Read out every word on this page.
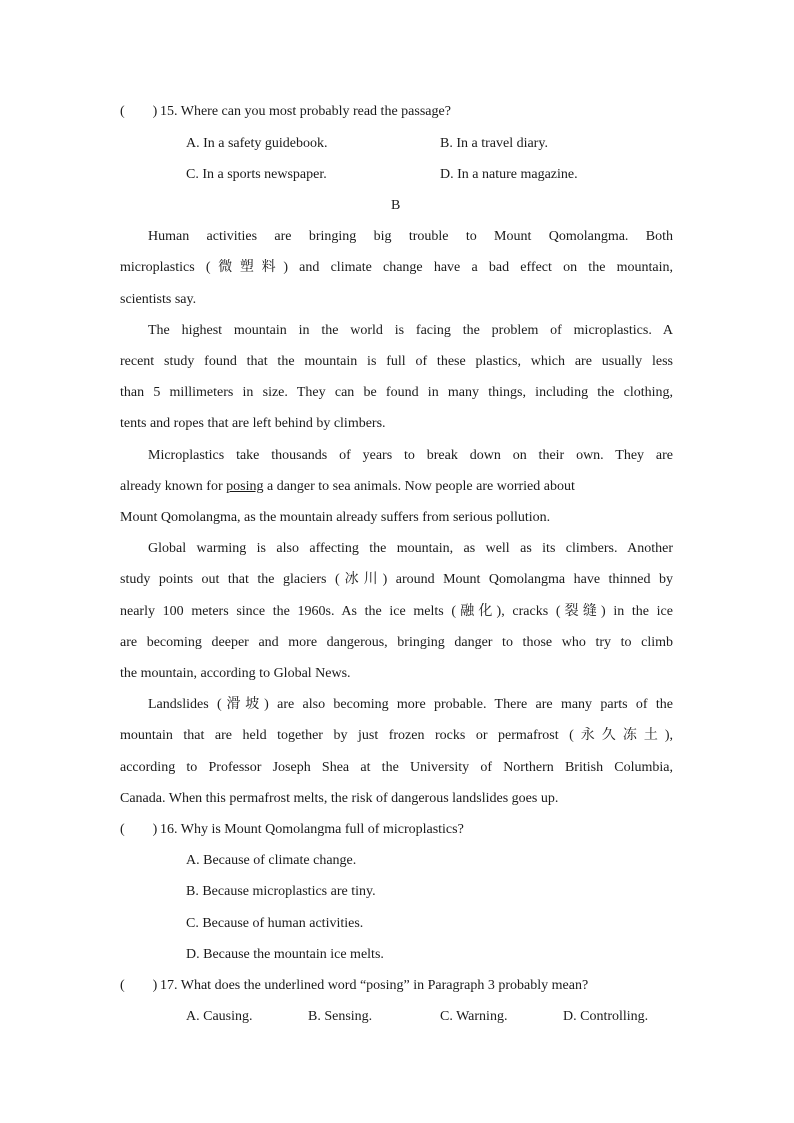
( ) 15. Where can you most probably read the passage?
A. In a safety guidebook.	B. In a travel diary.
C. In a sports newspaper.	D. In a nature magazine.
B
Human activities are bringing big trouble to Mount Qomolangma. Both
microplastics (微塑料) and climate change have a bad effect on the mountain,
scientists say.
The highest mountain in the world is facing the problem of microplastics. A
recent study found that the mountain is full of these plastics, which are usually less
than 5 millimeters in size. They can be found in many things, including the clothing,
tents and ropes that are left behind by climbers.
Microplastics take thousands of years to break down on their own. They are
already known for posing a danger to sea animals. Now people are worried about
Mount Qomolangma, as the mountain already suffers from serious pollution.
Global warming is also affecting the mountain, as well as its climbers. Another
study points out that the glaciers (冰川) around Mount Qomolangma have thinned by
nearly 100 meters since the 1960s. As the ice melts (融化), cracks (裂缝) in the ice
are becoming deeper and more dangerous, bringing danger to those who try to climb
the mountain, according to Global News.
Landslides (滑坡) are also becoming more probable. There are many parts of the
mountain that are held together by just frozen rocks or permafrost (永久冻土),
according to Professor Joseph Shea at the University of Northern British Columbia,
Canada. When this permafrost melts, the risk of dangerous landslides goes up.
( ) 16. Why is Mount Qomolangma full of microplastics?
A. Because of climate change.
B. Because microplastics are tiny.
C. Because of human activities.
D. Because the mountain ice melts.
( ) 17. What does the underlined word “posing” in Paragraph 3 probably mean?
A. Causing.	B. Sensing.	C. Warning.	D. Controlling.
